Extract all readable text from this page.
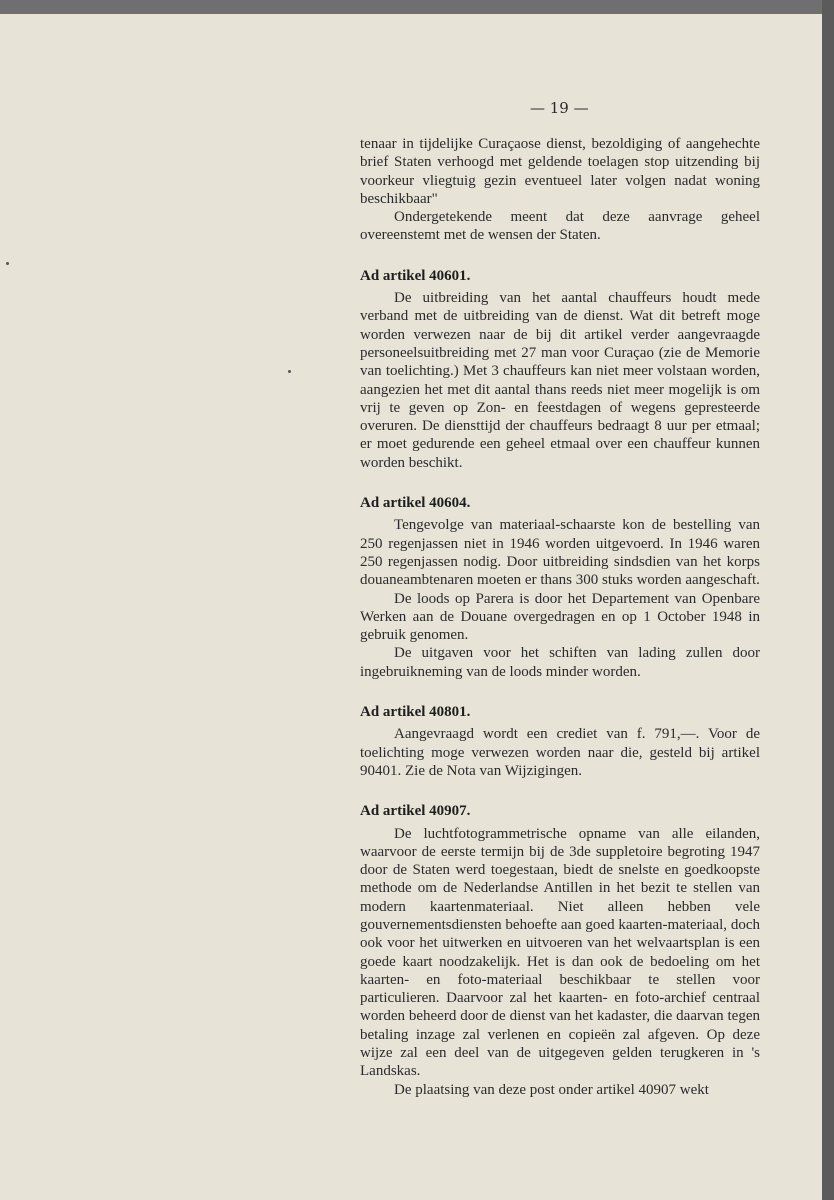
— 19 —

tenaar in tijdelijke Curaçaose dienst, bezoldiging of aangehechte brief Staten verhoogd met geldende toelagen stop uitzending bij voorkeur vliegtuig gezin eventueel later volgen nadat woning beschikbaar"

Ondergetekende meent dat deze aanvrage geheel overeenstemt met de wensen der Staten.

Ad artikel 40601.

De uitbreiding van het aantal chauffeurs houdt mede verband met de uitbreiding van de dienst. Wat dit betreft moge worden verwezen naar de bij dit artikel verder aangevraagde personeelsuitbreiding met 27 man voor Curaçao (zie de Memorie van toelichting.) Met 3 chauffeurs kan niet meer volstaan worden, aangezien het met dit aantal thans reeds niet meer mogelijk is om vrij te geven op Zon- en feestdagen of wegens gepresteerde overuren. De diensttijd der chauffeurs bedraagt 8 uur per etmaal; er moet gedurende een geheel etmaal over een chauffeur kunnen worden beschikt.

Ad artikel 40604.

Tengevolge van materiaal-schaarste kon de bestelling van 250 regenjassen niet in 1946 worden uitgevoerd. In 1946 waren 250 regenjassen nodig. Door uitbreiding sindsdien van het korps douaneambtenaren moeten er thans 300 stuks worden aangeschaft.

De loods op Parera is door het Departement van Openbare Werken aan de Douane overgedragen en op 1 October 1948 in gebruik genomen.

De uitgaven voor het schiften van lading zullen door ingebruikneming van de loods minder worden.

Ad artikel 40801.

Aangevraagd wordt een crediet van f. 791,—. Voor de toelichting moge verwezen worden naar die, gesteld bij artikel 90401. Zie de Nota van Wijzigingen.

Ad artikel 40907.

De luchtfotogrammetrische opname van alle eilanden, waarvoor de eerste termijn bij de 3de suppletoire begroting 1947 door de Staten werd toegestaan, biedt de snelste en goedkoopste methode om de Nederlandse Antillen in het bezit te stellen van modern kaartenmateriaal. Niet alleen hebben vele gouvernementsdiensten behoefte aan goed kaarten-materiaal, doch ook voor het uitwerken en uitvoeren van het welvaartsplan is een goede kaart noodzakelijk. Het is dan ook de bedoeling om het kaarten- en foto-materiaal beschikbaar te stellen voor particulieren. Daarvoor zal het kaarten- en foto-archief centraal worden beheerd door de dienst van het kadaster, die daarvan tegen betaling inzage zal verlenen en copieën zal afgeven. Op deze wijze zal een deel van de uitgegeven gelden terugkeren in 's Landskas.

De plaatsing van deze post onder artikel 40907 wekt
